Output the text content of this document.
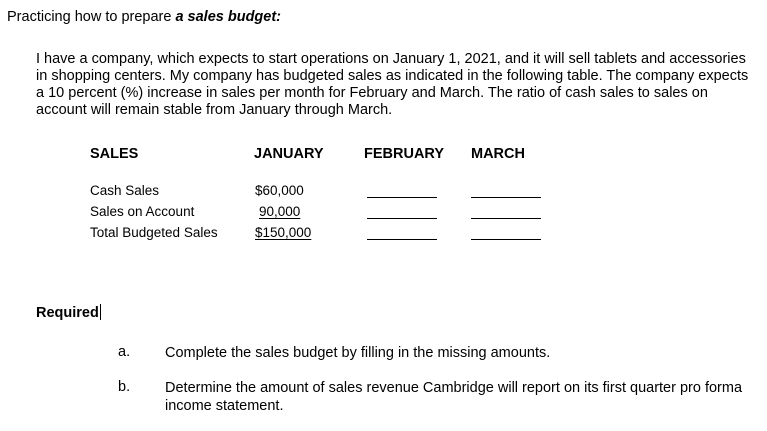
Practicing how to prepare a sales budget:
I have a company, which expects to start operations on January 1, 2021, and it will sell tablets and accessories in shopping centers. My company has budgeted sales as indicated in the following table. The company expects a 10 percent (%) increase in sales per month for February and March. The ratio of cash sales to sales on account will remain stable from January through March.
SALES	JANUARY	FEBRUARY MARCH
Cash Sales	$60,000
Sales on Account	90,000
Total Budgeted Sales	$150,000
Required
a. Complete the sales budget by filling in the missing amounts.
b. Determine the amount of sales revenue Cambridge will report on its first quarter pro forma income statement.
